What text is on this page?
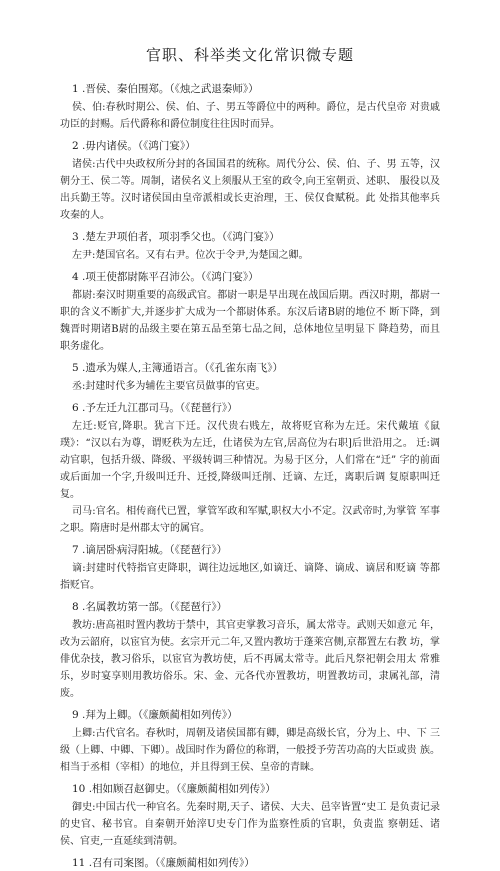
官职、科举类文化常识微专题
1 .晋侯、秦伯围郑。（《烛之武退秦师》）

侯、伯:春秋时期公、侯、伯、子、男五等爵位中的两种。爵位，是古代皇帝 对贵戚功臣的封赐。后代爵称和爵位制度往往因时而异。

2 .毋内诸侯。（《鸿门宴》）

诸侯:古代中央政权所分封的各国国君的统称。周代分公、侯、伯、子、男 五等，汉朝分王、侯二等。周制，诸侯名义上须服从王室的政令,向王室朝贡、述职、 服役以及出兵勤王等。汉时诸侯国由皇帝派相或长吏治理，王、侯仅食赋税。此 处指其他率兵攻秦的人。

3 .楚左尹项伯者，项羽季父也。（《鸿门宴》）

左尹:楚国官名。又有右尹。位次于令尹,为楚国之卿。

4 .项王使都尉陈平召沛公。（《鸿门宴》）

都尉:秦汉时期重要的高级武官。都尉一职是早出现在战国后期。西汉时期，都尉一职的含义不断扩大,并逐步扩大成为一个都尉体系。东汉后诸B尉的地位不 断下降，到魏晋时期诸B尉的品级主要在第五品至第七品之间，总体地位呈明显下 降趋势，而且职务虚化。

5 .遗承为媒人,主簿通语言。（《孔雀东南飞》）

丞:封建时代多为辅佐主要官员做事的官吏。

6 .予左迁九江郡司马。（《琵琶行》）

左迁:贬官,降职。犹言下迁。汉代贵右贱左，故将贬官称为左迁。宋代戴埴《鼠璞》：“汉以右为尊，谓贬秩为左迁，仕诸侯为左官,居高位为右职]后世沿用之。 迁:调动官职，包括升级、降级、平级转调三种情况。为易于区分，人们常在“迁” 字的前面或后面加一个字,升级叫迁升、迁授,降级叫迁削、迁谪、左迁，离职后调 复原职叫迁复。

司马:官名。相传商代已置，掌管军政和军赋,职权大小不定。汉武帝时,为掌管 军事之职。隋唐时是州郡太守的属官。

7 .谪居卧病浔阳城。（《琵琶行》）

谪:封建时代特指官吏降职，调往边远地区,如谪迁、谪降、谪成、谪居和贬谪 等都指贬官。

8 .名属教坊第一部。（《琵琶行》）

教坊:唐高祖时置内教坊于禁中，其官吏掌教习音乐，属太常寺。武则天如意元 年，改为云韶府，以宦官为使。玄宗开元二年,又置内教坊于蓬莱宫侧,京都置左右教 坊，掌俳优杂技，教习俗乐，以宦官为教坊使，后不再属太常寺。此后凡祭祀朝会用太 常雅乐，岁时宴享则用教坊俗乐。宋、金、元各代亦置教坊，明置教坊司，隶属礼部，清废。

9 .拜为上卿。（《廉颇蔺相如列传》）

上卿:古代官名。春秋时，周朝及诸侯国都有卿，卿是高级长官，分为上、中、下 三级（上卿、中卿、下卿）。战国时作为爵位的称谓，一般授予劳苦功高的大臣或贵 族。相当于丞相（宰相）的地位，并且得到王侯、皇帝的青睐。

10 .相如顾召赵御史。（《廉颇蔺相如列传》）

御史:中国古代一种官名。先秦时期,天子、诸侯、大夫、邑宰皆置“史工 是负责记录的史官、秘书官。自秦朝开始滓U史专门作为监察性质的官职，负责监 察朝廷、诸侯、官吏,一直延续到清朝。

11 .召有司案图。（《廉颇蔺相如列传》）
